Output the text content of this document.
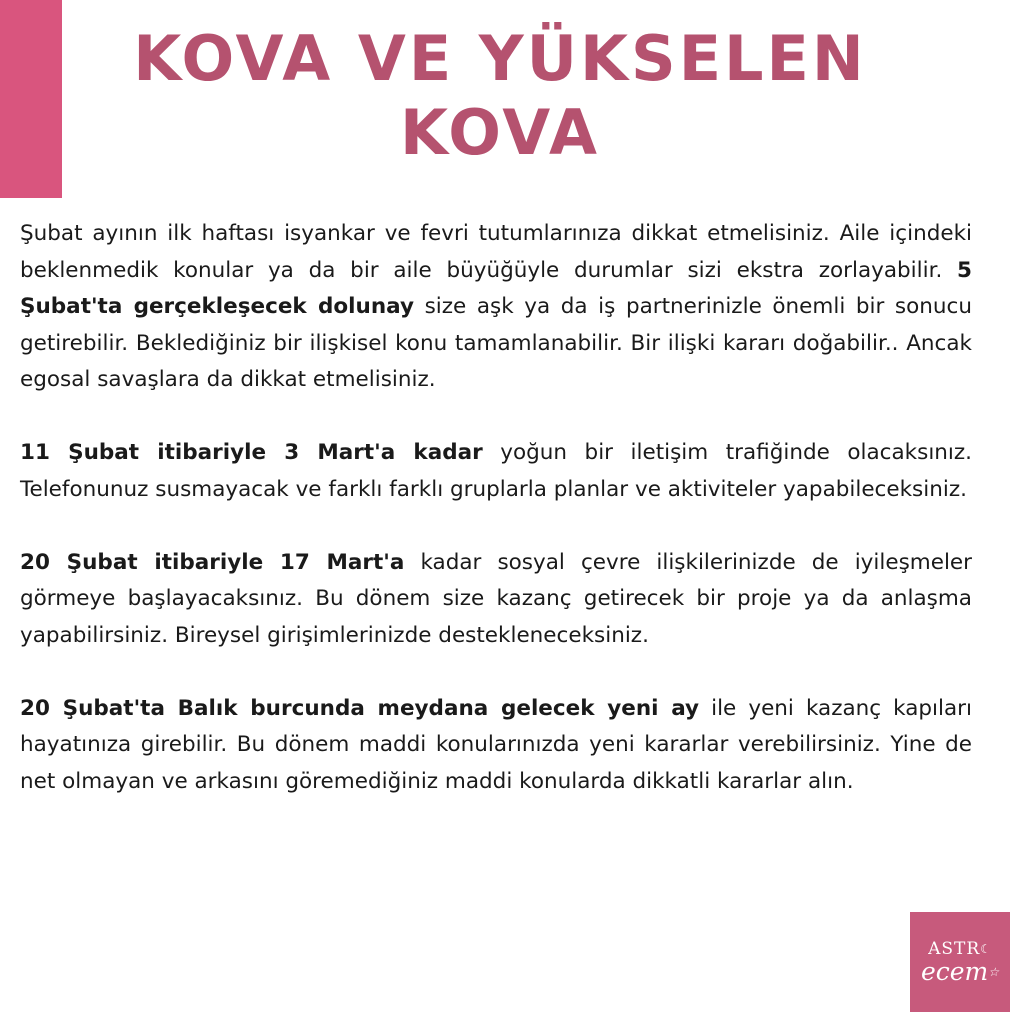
KOVA VE YÜKSELEN
KOVA

Şubat ayının ilk haftası isyankar ve fevri tutumlarınıza dikkat etmelisiniz. Aile içindeki beklenmedik konular ya da bir aile büyüğüyle durumlar sizi ekstra zorlayabilir. 5 Şubat'ta gerçekleşecek dolunay size aşk ya da iş partnerinizle önemli bir sonucu getirebilir. Beklediğiniz bir ilişkisel konu tamamlanabilir. Bir ilişki kararı doğabilir.. Ancak egosal savaşlara da dikkat etmelisiniz.

11 Şubat itibariyle 3 Mart'a kadar yoğun bir iletişim trafiğinde olacaksınız. Telefonunuz susmayacak ve farklı farklı gruplarla planlar ve aktiviteler yapabileceksiniz.

20 Şubat itibariyle 17 Mart'a kadar sosyal çevre ilişkilerinizde de iyileşmeler görmeye başlayacaksınız. Bu dönem size kazanç getirecek bir proje ya da anlaşma yapabilirsiniz. Bireysel girişimlerinizde destekleneceksiniz.

20 Şubat'ta Balık burcunda meydana gelecek yeni ay ile yeni kazanç kapıları hayatınıza girebilir. Bu dönem maddi konularınızda yeni kararlar verebilirsiniz. Yine de net olmayan ve arkasını göremediğiniz maddi konularda dikkatli kararlar alın.

ASTR☾
ecem☆
